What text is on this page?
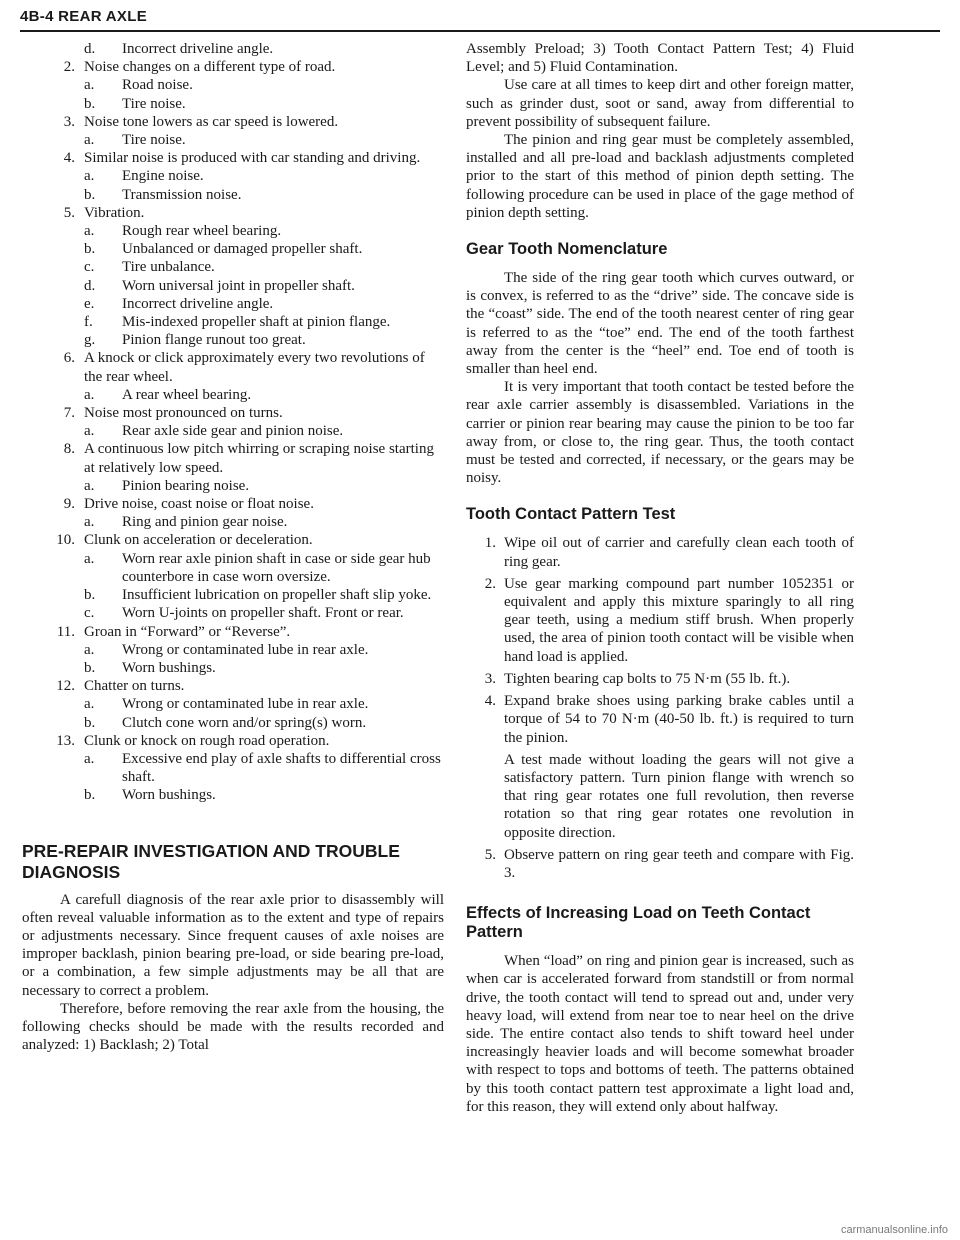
4B-4 REAR AXLE
d.	Incorrect driveline angle.
2. Noise changes on a different type of road.
a.	Road noise.
b.	Tire noise.
3. Noise tone lowers as car speed is lowered.
a.	Tire noise.
4. Similar noise is produced with car standing and driving.
a.	Engine noise.
b.	Transmission noise.
5. Vibration.
a.	Rough rear wheel bearing.
b.	Unbalanced or damaged propeller shaft.
c.	Tire unbalance.
d.	Worn universal joint in propeller shaft.
e.	Incorrect driveline angle.
f.	Mis-indexed propeller shaft at pinion flange.
g.	Pinion flange runout too great.
6. A knock or click approximately every two revolutions of the rear wheel.
a.	A rear wheel bearing.
7. Noise most pronounced on turns.
a.	Rear axle side gear and pinion noise.
8. A continuous low pitch whirring or scraping noise starting at relatively low speed.
a.	Pinion bearing noise.
9. Drive noise, coast noise or float noise.
a.	Ring and pinion gear noise.
10. Clunk on acceleration or deceleration.
a.	Worn rear axle pinion shaft in case or side gear hub counterbore in case worn oversize.
b.	Insufficient lubrication on propeller shaft slip yoke.
c.	Worn U-joints on propeller shaft. Front or rear.
11. Groan in “Forward” or “Reverse”.
a.	Wrong or contaminated lube in rear axle.
b.	Worn bushings.
12. Chatter on turns.
a.	Wrong or contaminated lube in rear axle.
b.	Clutch cone worn and/or spring(s) worn.
13. Clunk or knock on rough road operation.
a.	Excessive end play of axle shafts to differential cross shaft.
b.	Worn bushings.
PRE-REPAIR INVESTIGATION AND TROUBLE DIAGNOSIS

A carefull diagnosis of the rear axle prior to disassembly will often reveal valuable information as to the extent and type of repairs or adjustments necessary. Since frequent causes of axle noises are improper backlash, pinion bearing pre-load, or side bearing pre-load, or a combination, a few simple adjustments may be all that are necessary to correct a problem.

Therefore, before removing the rear axle from the housing, the following checks should be made with the results recorded and analyzed: 1) Backlash; 2) Total

Assembly Preload; 3) Tooth Contact Pattern Test; 4) Fluid Level; and 5) Fluid Contamination.

Use care at all times to keep dirt and other foreign matter, such as grinder dust, soot or sand, away from differential to prevent possibility of subsequent failure.

The pinion and ring gear must be completely assembled, installed and all pre-load and backlash adjustments completed prior to the start of this method of pinion depth setting. The following procedure can be used in place of the gage method of pinion depth setting.

Gear Tooth Nomenclature

The side of the ring gear tooth which curves outward, or is convex, is referred to as the “drive” side. The concave side is the “coast” side. The end of the tooth nearest center of ring gear is referred to as the “toe” end. The end of the tooth farthest away from the center is the “heel” end. Toe end of tooth is smaller than heel end.

It is very important that tooth contact be tested before the rear axle carrier assembly is disassembled. Variations in the carrier or pinion rear bearing may cause the pinion to be too far away from, or close to, the ring gear. Thus, the tooth contact must be tested and corrected, if necessary, or the gears may be noisy.

Tooth Contact Pattern Test
1. Wipe oil out of carrier and carefully clean each tooth of ring gear.

2. Use gear marking compound part number 1052351 or equivalent and apply this mixture sparingly to all ring gear teeth, using a medium stiff brush. When properly used, the area of pinion tooth contact will be visible when hand load is applied.

3. Tighten bearing cap bolts to 75 N·m (55 lb. ft.).

4. Expand brake shoes using parking brake cables until a torque of 54 to 70 N·m (40-50 lb. ft.) is required to turn the pinion.

A test made without loading the gears will not give a satisfactory pattern. Turn pinion flange with wrench so that ring gear rotates one full revolution, then reverse rotation so that ring gear rotates one revolution in opposite direction.

5. Observe pattern on ring gear teeth and compare with Fig. 3.

Effects of Increasing Load on Teeth Contact Pattern

When “load” on ring and pinion gear is increased, such as when car is accelerated forward from standstill or from normal drive, the tooth contact will tend to spread out and, under very heavy load, will extend from near toe to near heel on the drive side. The entire contact also tends to shift toward heel under increasingly heavier loads and will become somewhat broader with respect to tops and bottoms of teeth. The patterns obtained by this tooth contact pattern test approximate a light load and, for this reason, they will extend only about halfway.

carmanualsonline.info
